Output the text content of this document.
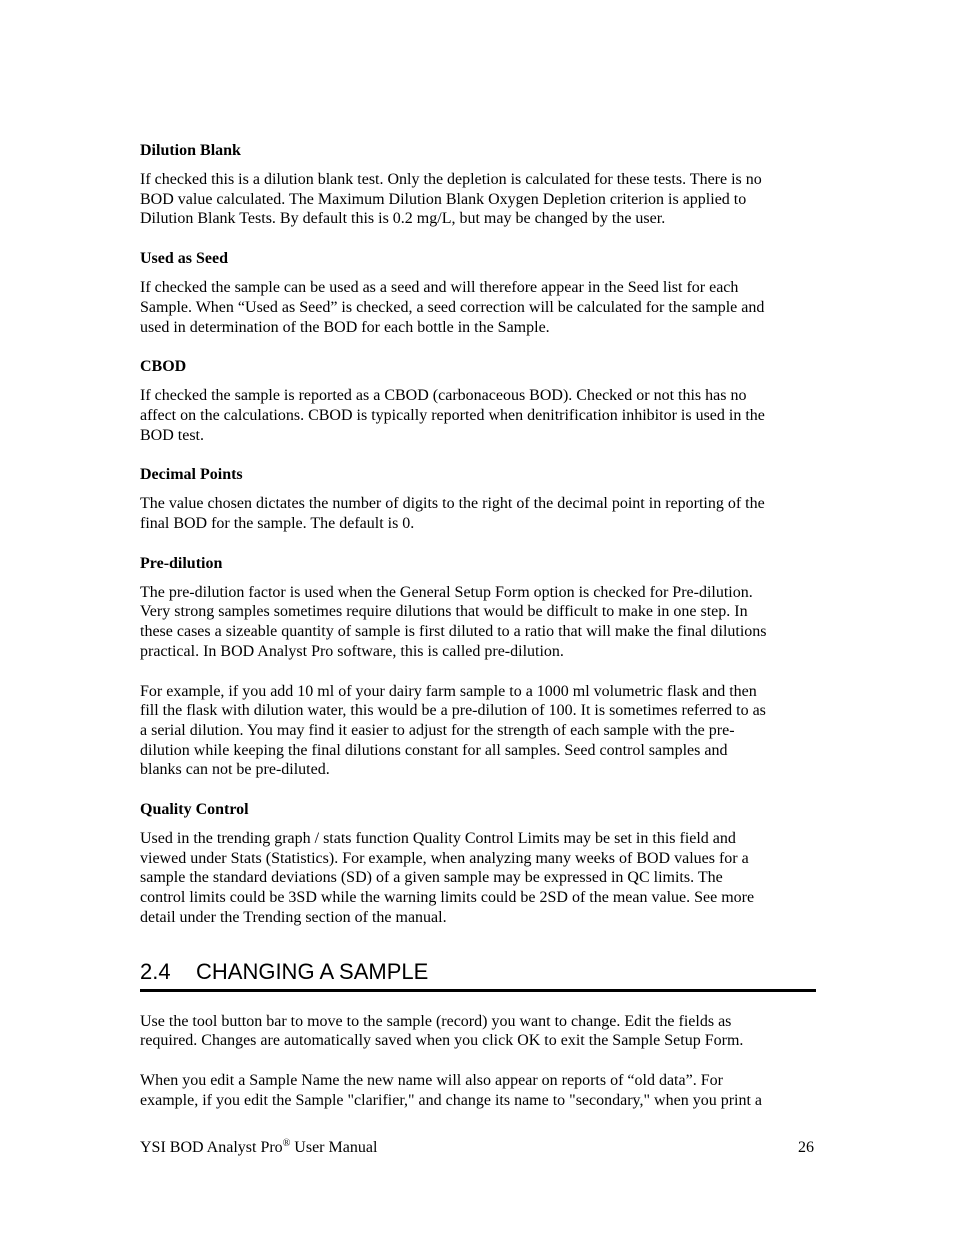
Dilution Blank

If checked this is a dilution blank test. Only the depletion is calculated for these tests. There is no
BOD value calculated. The Maximum Dilution Blank Oxygen Depletion criterion is applied to
Dilution Blank Tests. By default this is 0.2 mg/L, but may be changed by the user.

Used as Seed

If checked the sample can be used as a seed and will therefore appear in the Seed list for each
Sample. When “Used as Seed” is checked, a seed correction will be calculated for the sample and
used in determination of the BOD for each bottle in the Sample.

CBOD

If checked the sample is reported as a CBOD (carbonaceous BOD). Checked or not this has no
affect on the calculations. CBOD is typically reported when denitrification inhibitor is used in the
BOD test.

Decimal Points

The value chosen dictates the number of digits to the right of the decimal point in reporting of the
final BOD for the sample. The default is 0.

Pre-dilution

The pre-dilution factor is used when the General Setup Form option is checked for Pre-dilution.
Very strong samples sometimes require dilutions that would be difficult to make in one step. In
these cases a sizeable quantity of sample is first diluted to a ratio that will make the final dilutions
practical. In BOD Analyst Pro software, this is called pre-dilution.

For example, if you add 10 ml of your dairy farm sample to a 1000 ml volumetric flask and then
fill the flask with dilution water, this would be a pre-dilution of 100. It is sometimes referred to as
a serial dilution. You may find it easier to adjust for the strength of each sample with the pre-
dilution while keeping the final dilutions constant for all samples. Seed control samples and
blanks can not be pre-diluted.

Quality Control

Used in the trending graph / stats function Quality Control Limits may be set in this field and
viewed under Stats (Statistics). For example, when analyzing many weeks of BOD values for a
sample the standard deviations (SD) of a given sample may be expressed in QC limits. The
control limits could be 3SD while the warning limits could be 2SD of the mean value. See more
detail under the Trending section of the manual.

2.4 CHANGING A SAMPLE

Use the tool button bar to move to the sample (record) you want to change. Edit the fields as
required. Changes are automatically saved when you click OK to exit the Sample Setup Form.

When you edit a Sample Name the new name will also appear on reports of “old data”. For
example, if you edit the Sample "clarifier," and change its name to "secondary," when you print a

YSI BOD Analyst Pro® User Manual	26
